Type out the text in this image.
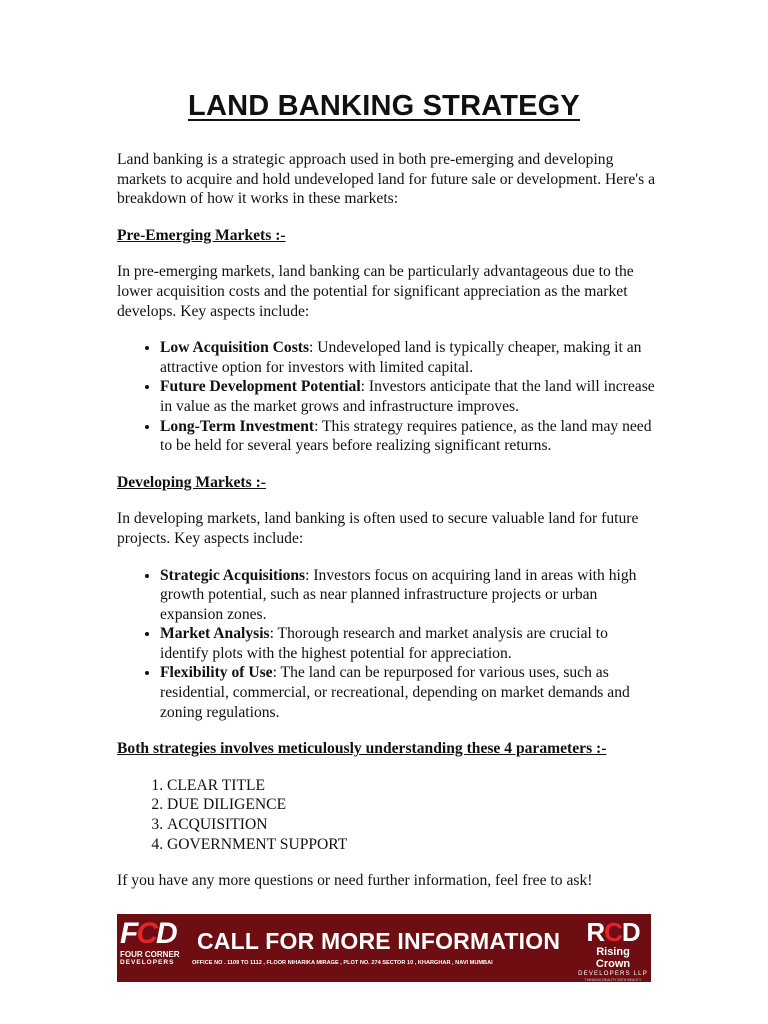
LAND BANKING STRATEGY

Land banking is a strategic approach used in both pre-emerging and developing markets to acquire and hold undeveloped land for future sale or development. Here's a breakdown of how it works in these markets:

Pre-Emerging Markets :-

In pre-emerging markets, land banking can be particularly advantageous due to the lower acquisition costs and the potential for significant appreciation as the market develops. Key aspects include:

• Low Acquisition Costs: Undeveloped land is typically cheaper, making it an attractive option for investors with limited capital.
• Future Development Potential: Investors anticipate that the land will increase in value as the market grows and infrastructure improves.
• Long-Term Investment: This strategy requires patience, as the land may need to be held for several years before realizing significant returns.

Developing Markets :-

In developing markets, land banking is often used to secure valuable land for future projects. Key aspects include:

• Strategic Acquisitions: Investors focus on acquiring land in areas with high growth potential, such as near planned infrastructure projects or urban expansion zones.
• Market Analysis: Thorough research and market analysis are crucial to identify plots with the highest potential for appreciation.
• Flexibility of Use: The land can be repurposed for various uses, such as residential, commercial, or recreational, depending on market demands and zoning regulations.

Both strategies involves meticulously understanding these 4 parameters :-

1. CLEAR TITLE
2. DUE DILIGENCE
3. ACQUISITION
4. GOVERNMENT SUPPORT

If you have any more questions or need further information, feel free to ask!

FCD
FOUR CORNER
DEVELOPERS
CALL FOR MORE INFORMATION
OFFICE NO . 1109 TO 1112 , FLOOR NIHARIKA MIRAGE , PLOT NO. 274 SECTOR 10 , KHARGHAR , NAVI MUMBAI
RCD
Rising Crown
DEVELOPERS LLP
THINKING BEAUTY WITH BEAUTY
